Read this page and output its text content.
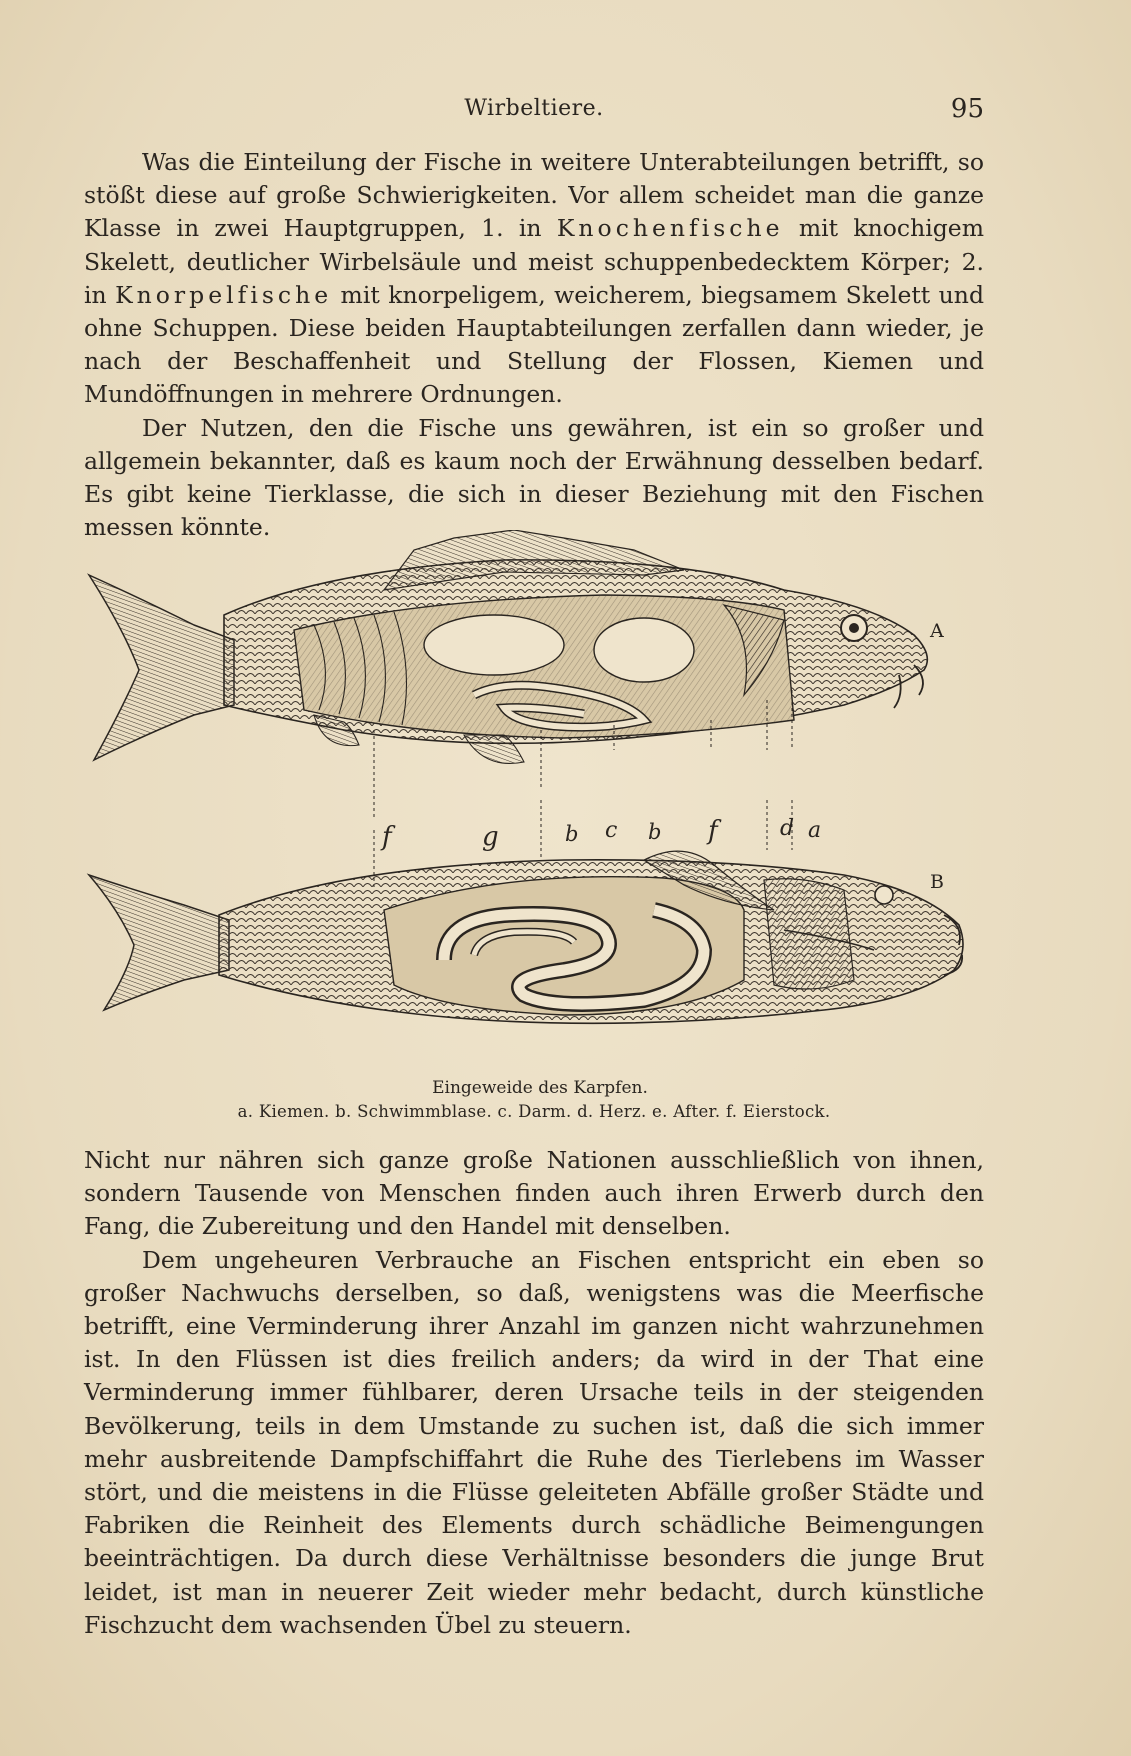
Wirbeltiere.	95

Was die Einteilung der Fische in weitere Unterabteilungen betrifft, so stößt diese auf große Schwierigkeiten. Vor allem scheidet man die ganze Klasse in zwei Hauptgruppen, 1. in Knochenfische mit knochigem Skelett, deutlicher Wirbelsäule und meist schuppenbedecktem Körper; 2. in Knorpelfische mit knorpeligem, weicherem, biegsamem Skelett und ohne Schuppen. Diese beiden Hauptabteilungen zerfallen dann wieder, je nach der Beschaffenheit und Stellung der Flossen, Kiemen und Mundöffnungen in mehrere Ordnungen.

Der Nutzen, den die Fische uns gewähren, ist ein so großer und allgemein bekannter, daß es kaum noch der Erwähnung desselben bedarf. Es gibt keine Tierklasse, die sich in dieser Beziehung mit den Fischen messen könnte.

A
B
f	g	b c b f	d a
Eingeweide des Karpfen.
a. Kiemen. b. Schwimmblase. c. Darm. d. Herz. e. After. f. Eierstock.

Nicht nur nähren sich ganze große Nationen ausschließlich von ihnen, sondern Tausende von Menschen finden auch ihren Erwerb durch den Fang, die Zubereitung und den Handel mit denselben.

Dem ungeheuren Verbrauche an Fischen entspricht ein eben so großer Nachwuchs derselben, so daß, wenigstens was die Meerfische betrifft, eine Verminderung ihrer Anzahl im ganzen nicht wahrzunehmen ist. In den Flüssen ist dies freilich anders; da wird in der That eine Verminderung immer fühlbarer, deren Ursache teils in der steigenden Bevölkerung, teils in dem Umstande zu suchen ist, daß die sich immer mehr ausbreitende Dampfschiffahrt die Ruhe des Tierlebens im Wasser stört, und die meistens in die Flüsse geleiteten Abfälle großer Städte und Fabriken die Reinheit des Elements durch schädliche Beimengungen beeinträchtigen. Da durch diese Verhältnisse besonders die junge Brut leidet, ist man in neuerer Zeit wieder mehr bedacht, durch künstliche Fischzucht dem wachsenden Übel zu steuern.
